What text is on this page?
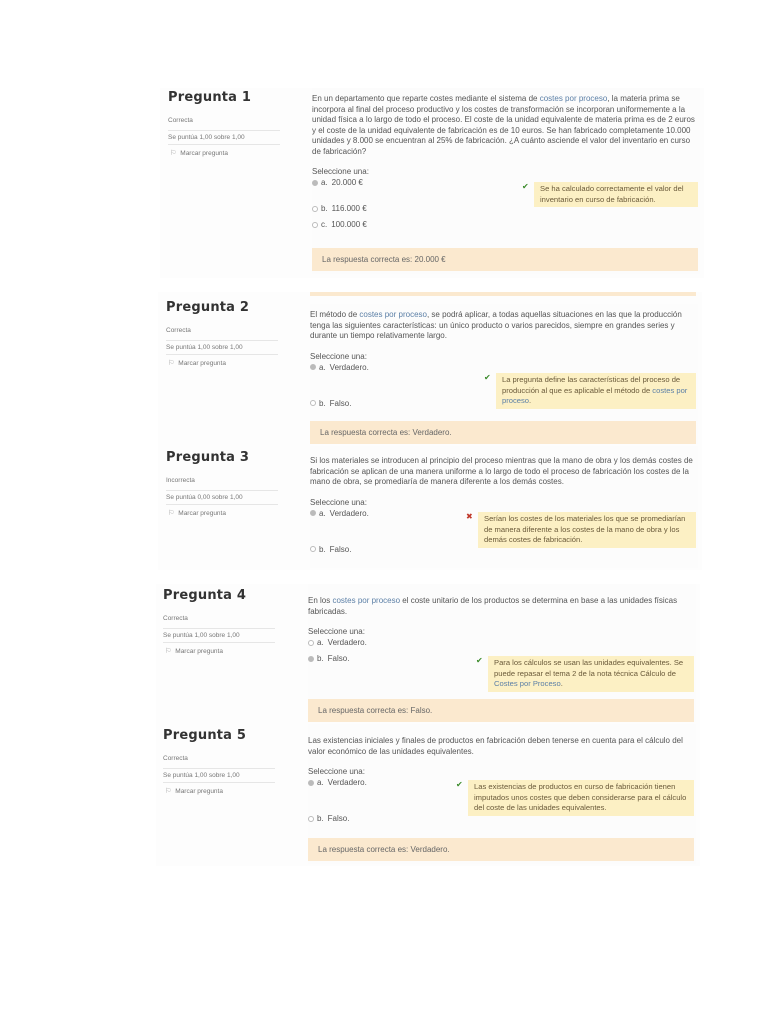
Pregunta 1
Correcta
Se puntúa 1,00 sobre 1,00
⚐ Marcar pregunta

En un departamento que reparte costes mediante el sistema de costes por proceso, la materia prima se incorpora al final del proceso productivo y los costes de transformación se incorporan uniformemente a la unidad física a lo largo de todo el proceso. El coste de la unidad equivalente de materia prima es de 2 euros y el coste de la unidad equivalente de fabricación es de 10 euros. Se han fabricado completamente 10.000 unidades y 8.000 se encuentran al 25% de fabricación. ¿A cuánto asciende el valor del inventario en curso de fabricación?

Seleccione una:
a. 20.000 €	✔	Se ha calculado correctamente el valor del inventario en curso de fabricación.
b. 116.000 €
c. 100.000 €
La respuesta correcta es: 20.000 €
Pregunta 2
Correcta
Se puntúa 1,00 sobre 1,00
⚐ Marcar pregunta

El método de costes por proceso, se podrá aplicar, a todas aquellas situaciones en las que la producción tenga las siguientes características: un único producto o varios parecidos, siempre en grandes series y durante un tiempo relativamente largo.

Seleccione una:
a. Verdadero.
✔	La pregunta define las características del proceso de producción al que es aplicable el método de costes por proceso.
b. Falso.
La respuesta correcta es: Verdadero.
Pregunta 3
Incorrecta
Se puntúa 0,00 sobre 1,00
⚐ Marcar pregunta

Si los materiales se introducen al principio del proceso mientras que la mano de obra y los demás costes de fabricación se aplican de una manera uniforme a lo largo de todo el proceso de fabricación los costes de la mano de obra, se promediaría de manera diferente a los demás costes.

Seleccione una:
a. Verdadero.	✖	Serían los costes de los materiales los que se promediarían de manera diferente a los costes de la mano de obra y los demás costes de fabricación.
b. Falso.
Pregunta 4
Correcta
Se puntúa 1,00 sobre 1,00
⚐ Marcar pregunta

En los costes por proceso el coste unitario de los productos se determina en base a las unidades físicas fabricadas.

Seleccione una:
a. Verdadero.
b. Falso.	✔	Para los cálculos se usan las unidades equivalentes. Se puede repasar el tema 2 de la nota técnica Cálculo de Costes por Proceso.
La respuesta correcta es: Falso.
Pregunta 5
Correcta
Se puntúa 1,00 sobre 1,00
⚐ Marcar pregunta

Las existencias iniciales y finales de productos en fabricación deben tenerse en cuenta para el cálculo del valor económico de las unidades equivalentes.

Seleccione una:
a. Verdadero.	✔	Las existencias de productos en curso de fabricación tienen imputados unos costes que deben considerarse para el cálculo del coste de las unidades equivalentes.
b. Falso.
La respuesta correcta es: Verdadero.
